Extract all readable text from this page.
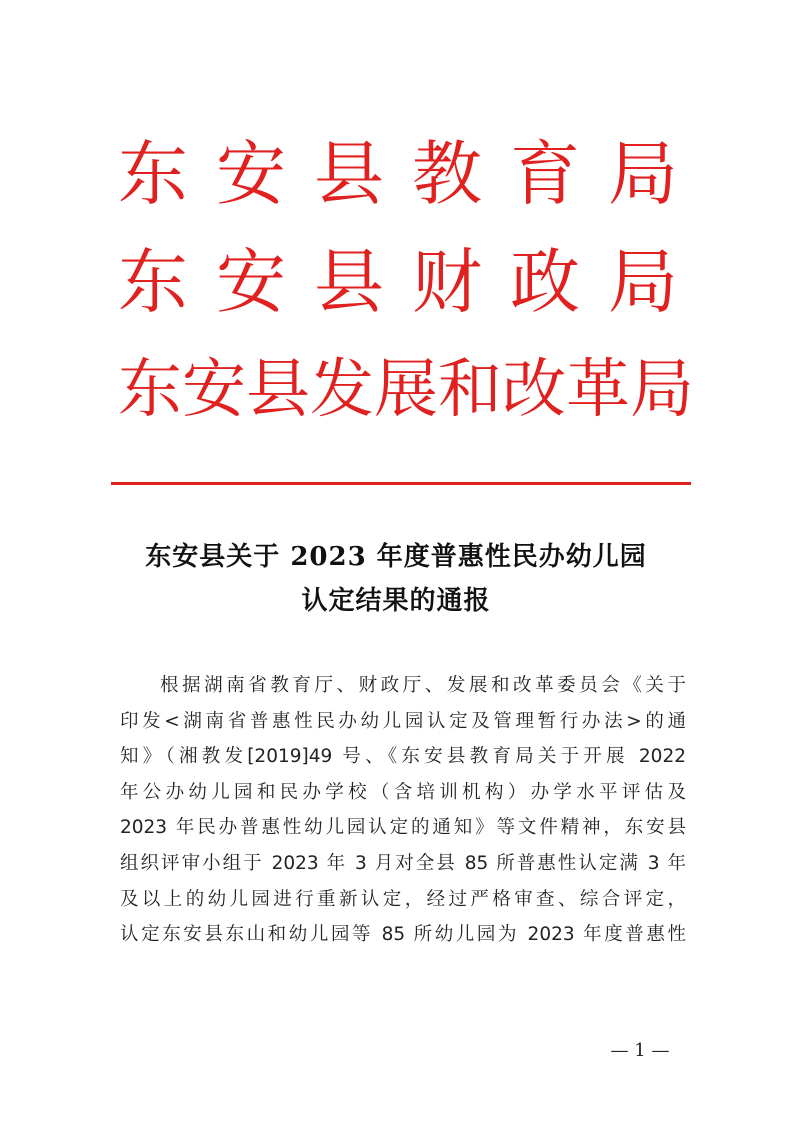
东 安 县 教 育 局
东 安 县 财 政 局
东 安 县 发 展 和 改 革 局
东安县关于 2023 年度普惠性民办幼儿园
认定结果的通报
根据湖南省教育厅、财政厅、发展和改革委员会《关于
印发<湖南省普惠性民办幼儿园认定及管理暂行办法>的通
知》（湘教发[2019]49 号、《东安县教育局关于开展 2022
年公办幼儿园和民办学校（含培训机构）办学水平评估及
2023 年民办普惠性幼儿园认定的通知》等文件精神，东安县
组织评审小组于 2023 年 3 月对全县 85 所普惠性认定满 3 年
及以上的幼儿园进行重新认定，经过严格审查、综合评定，
认定东安县东山和幼儿园等 85 所幼儿园为 2023 年度普惠性
— 1 —
